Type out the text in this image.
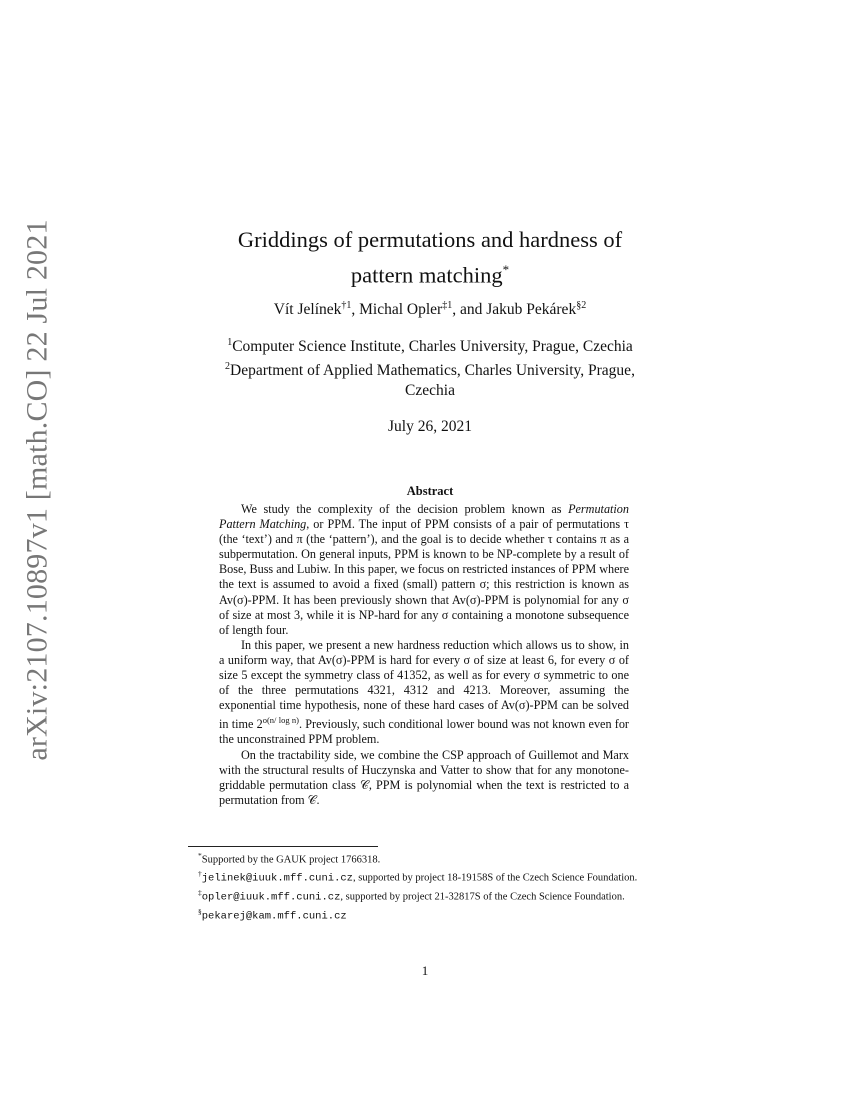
arXiv:2107.10897v1 [math.CO] 22 Jul 2021	Griddings of permutations and hardness of
pattern matching*
Vít Jelínek$^{\dagger 1}$, Michal Opler$^{\ddagger 1}$, and Jakub Pekárek$^{\S 2}$
$^1$Computer Science Institute, Charles University, Prague, Czechia
$^2$Department of Applied Mathematics, Charles University, Prague,
Czechia
July 26, 2021
Abstract

We study the complexity of the decision problem known as Permutation Pattern Matching, or PPM. The input of PPM consists of a pair of permutations τ (the ‘text’) and π (the ‘pattern’), and the goal is to decide whether τ contains π as a subpermutation. On general inputs, PPM is known to be NP-complete by a result of Bose, Buss and Lubiw. In this paper, we focus on restricted instances of PPM where the text is assumed to avoid a fixed (small) pattern σ; this restriction is known as Av(σ)-PPM. It has been previously shown that Av(σ)-PPM is polynomial for any σ of size at most 3, while it is NP-hard for any σ containing a monotone subsequence of length four.

In this paper, we present a new hardness reduction which allows us to show, in a uniform way, that Av(σ)-PPM is hard for every σ of size at least 6, for every σ of size 5 except the symmetry class of 41352, as well as for every σ symmetric to one of the three permutations 4321, 4312 and 4213. Moreover, assuming the exponential time hypothesis, none of these hard cases of Av(σ)-PPM can be solved in time $2^{o(n/ log n)}$. Previously, such conditional lower bound was not known even for the unconstrained PPM problem.

On the tractability side, we combine the CSP approach of Guillemot and Marx with the structural results of Huczynska and Vatter to show that for any monotone-griddable permutation class 𝒞, PPM is polynomial when the text is restricted to a permutation from 𝒞.

*Supported by the GAUK project 1766318.

†jelinek@iuuk.mff.cuni.cz, supported by project 18-19158S of the Czech Science Foundation.

‡opler@iuuk.mff.cuni.cz, supported by project 21-32817S of the Czech Science Foundation.

§pekarej@kam.mff.cuni.cz

1
